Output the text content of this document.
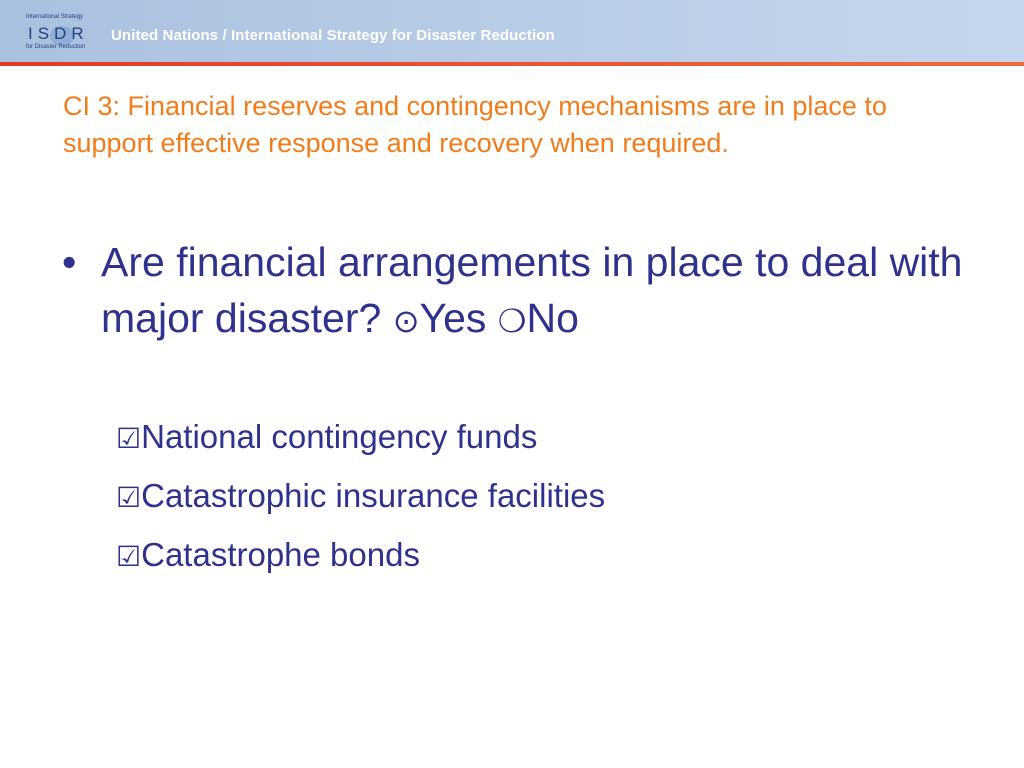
International Strategy
ISDR
for Disaster Reduction
United Nations / International Strategy for Disaster Reduction
CI 3: Financial reserves and contingency mechanisms are in place to support effective response and recovery when required.
• Are financial arrangements in place to deal with major disaster? ⊙Yes ❍No
☑National contingency funds
☑Catastrophic insurance facilities
☑Catastrophe bonds
